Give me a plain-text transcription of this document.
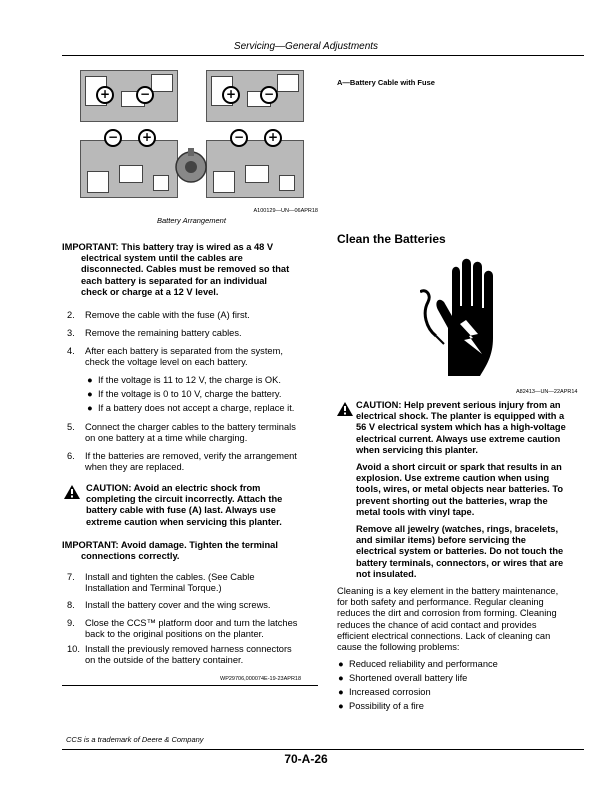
Servicing—General Adjustments
+	−	+	−
−	+	−	+
A100129—UN—06APR18
Battery Arrangement
A—Battery Cable with Fuse
IMPORTANT: This battery tray is wired as a 48 V
electrical system until the cables are
disconnected. Cables must be removed so that
each battery is separated for an individual
check or charge at a 12 V level.
2. Remove the cable with the fuse (A) first.
3. Remove the remaining battery cables.
4. After each battery is separated from the system,
check the voltage level on each battery.
● If the voltage is 11 to 12 V, the charge is OK.
● If the voltage is 0 to 10 V, charge the battery.
● If a battery does not accept a charge, replace it.
5. Connect the charger cables to the battery terminals
on one battery at a time while charging.
6. If the batteries are removed, verify the arrangement
when they are replaced.
CAUTION: Avoid an electric shock from
completing the circuit incorrectly. Attach the
battery cable with fuse (A) last. Always use
extreme caution when servicing this planter.
IMPORTANT: Avoid damage. Tighten the terminal
connections correctly.
7. Install and tighten the cables. (See Cable
Installation and Terminal Torque.)
8. Install the battery cover and the wing screws.
9. Close the CCS™ platform door and turn the latches
back to the original positions on the planter.
10. Install the previously removed harness connectors
on the outside of the battery container.
WP29706,000074E-19-23APR18
Clean the Batteries
A82413—UN—22APR14
CAUTION: Help prevent serious injury from an
electrical shock. The planter is equipped with a
56 V electrical system which has a high-voltage
electrical current. Always use extreme caution
when servicing this planter.
Avoid a short circuit or spark that results in an
explosion. Use extreme caution when using
tools, wires, or metal objects near batteries. To
prevent shorting out the batteries, wrap the
metal tools with vinyl tape.
Remove all jewelry (watches, rings, bracelets,
and similar items) before servicing the
electrical system or batteries. Do not touch the
battery terminals, connectors, or wires that are
not insulated.
Cleaning is a key element in the battery maintenance,
for both safety and performance. Regular cleaning
reduces the dirt and corrosion from forming. Cleaning
reduces the chance of acid contact and provides
efficient electrical connections. Lack of cleaning can
cause the following problems:
● Reduced reliability and performance
● Shortened overall battery life
● Increased corrosion
● Possibility of a fire
CCS is a trademark of Deere & Company
70-A-26
